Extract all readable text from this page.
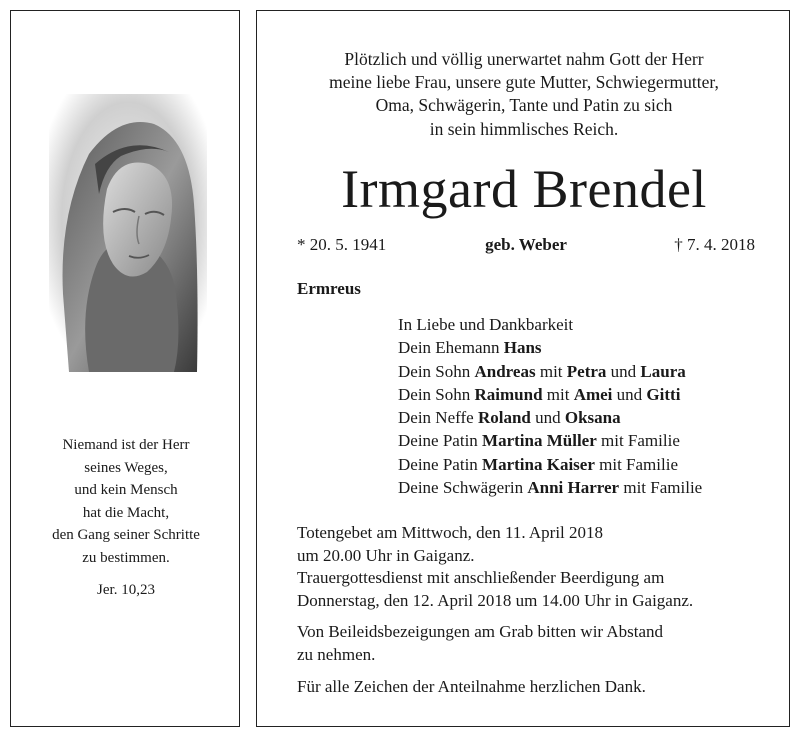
Niemand ist der Herr
seines Weges,
und kein Mensch
hat die Macht,
den Gang seiner Schritte
zu bestimmen.
Jer. 10,23
Plötzlich und völlig unerwartet nahm Gott der Herr
meine liebe Frau, unsere gute Mutter, Schwiegermutter,
Oma, Schwägerin, Tante und Patin zu sich
in sein himmlisches Reich.
Irmgard Brendel
* 20. 5. 1941	geb. Weber	† 7. 4. 2018
Ermreus
In Liebe und Dankbarkeit
Dein Ehemann Hans
Dein Sohn Andreas mit Petra und Laura
Dein Sohn Raimund mit Amei und Gitti
Dein Neffe Roland und Oksana
Deine Patin Martina Müller mit Familie
Deine Patin Martina Kaiser mit Familie
Deine Schwägerin Anni Harrer mit Familie
Totengebet am Mittwoch, den 11. April 2018
um 20.00 Uhr in Gaiganz.
Trauergottesdienst mit anschließender Beerdigung am
Donnerstag, den 12. April 2018 um 14.00 Uhr in Gaiganz.
Von Beileidsbezeigungen am Grab bitten wir Abstand
zu nehmen.
Für alle Zeichen der Anteilnahme herzlichen Dank.
